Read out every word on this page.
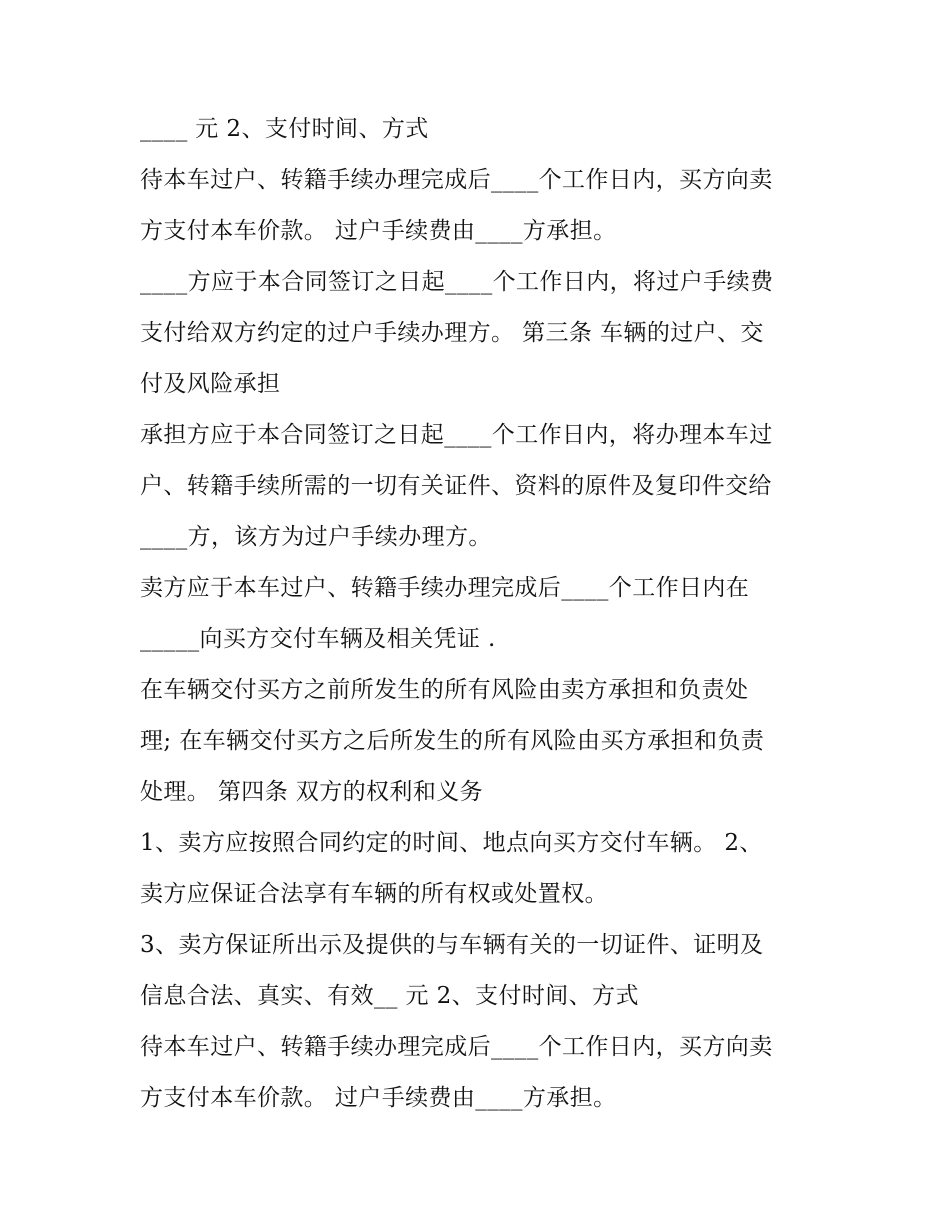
____ 元 2、支付时间、方式
待本车过户、转籍手续办理完成后____个工作日内，买方向卖
方支付本车价款。 过户手续费由____方承担。
____方应于本合同签订之日起____个工作日内，将过户手续费
支付给双方约定的过户手续办理方。 第三条 车辆的过户、交
付及风险承担
承担方应于本合同签订之日起____个工作日内，将办理本车过
户、转籍手续所需的一切有关证件、资料的原件及复印件交给
____方，该方为过户手续办理方。
卖方应于本车过户、转籍手续办理完成后____个工作日内在
_____向买方交付车辆及相关凭证 .
在车辆交付买方之前所发生的所有风险由卖方承担和负责处
理; 在车辆交付买方之后所发生的所有风险由买方承担和负责
处理。 第四条 双方的权利和义务
1、卖方应按照合同约定的时间、地点向买方交付车辆。 2、
卖方应保证合法享有车辆的所有权或处置权。
3、卖方保证所出示及提供的与车辆有关的一切证件、证明及
信息合法、真实、有效__ 元 2、支付时间、方式
待本车过户、转籍手续办理完成后____个工作日内，买方向卖
方支付本车价款。 过户手续费由____方承担。
